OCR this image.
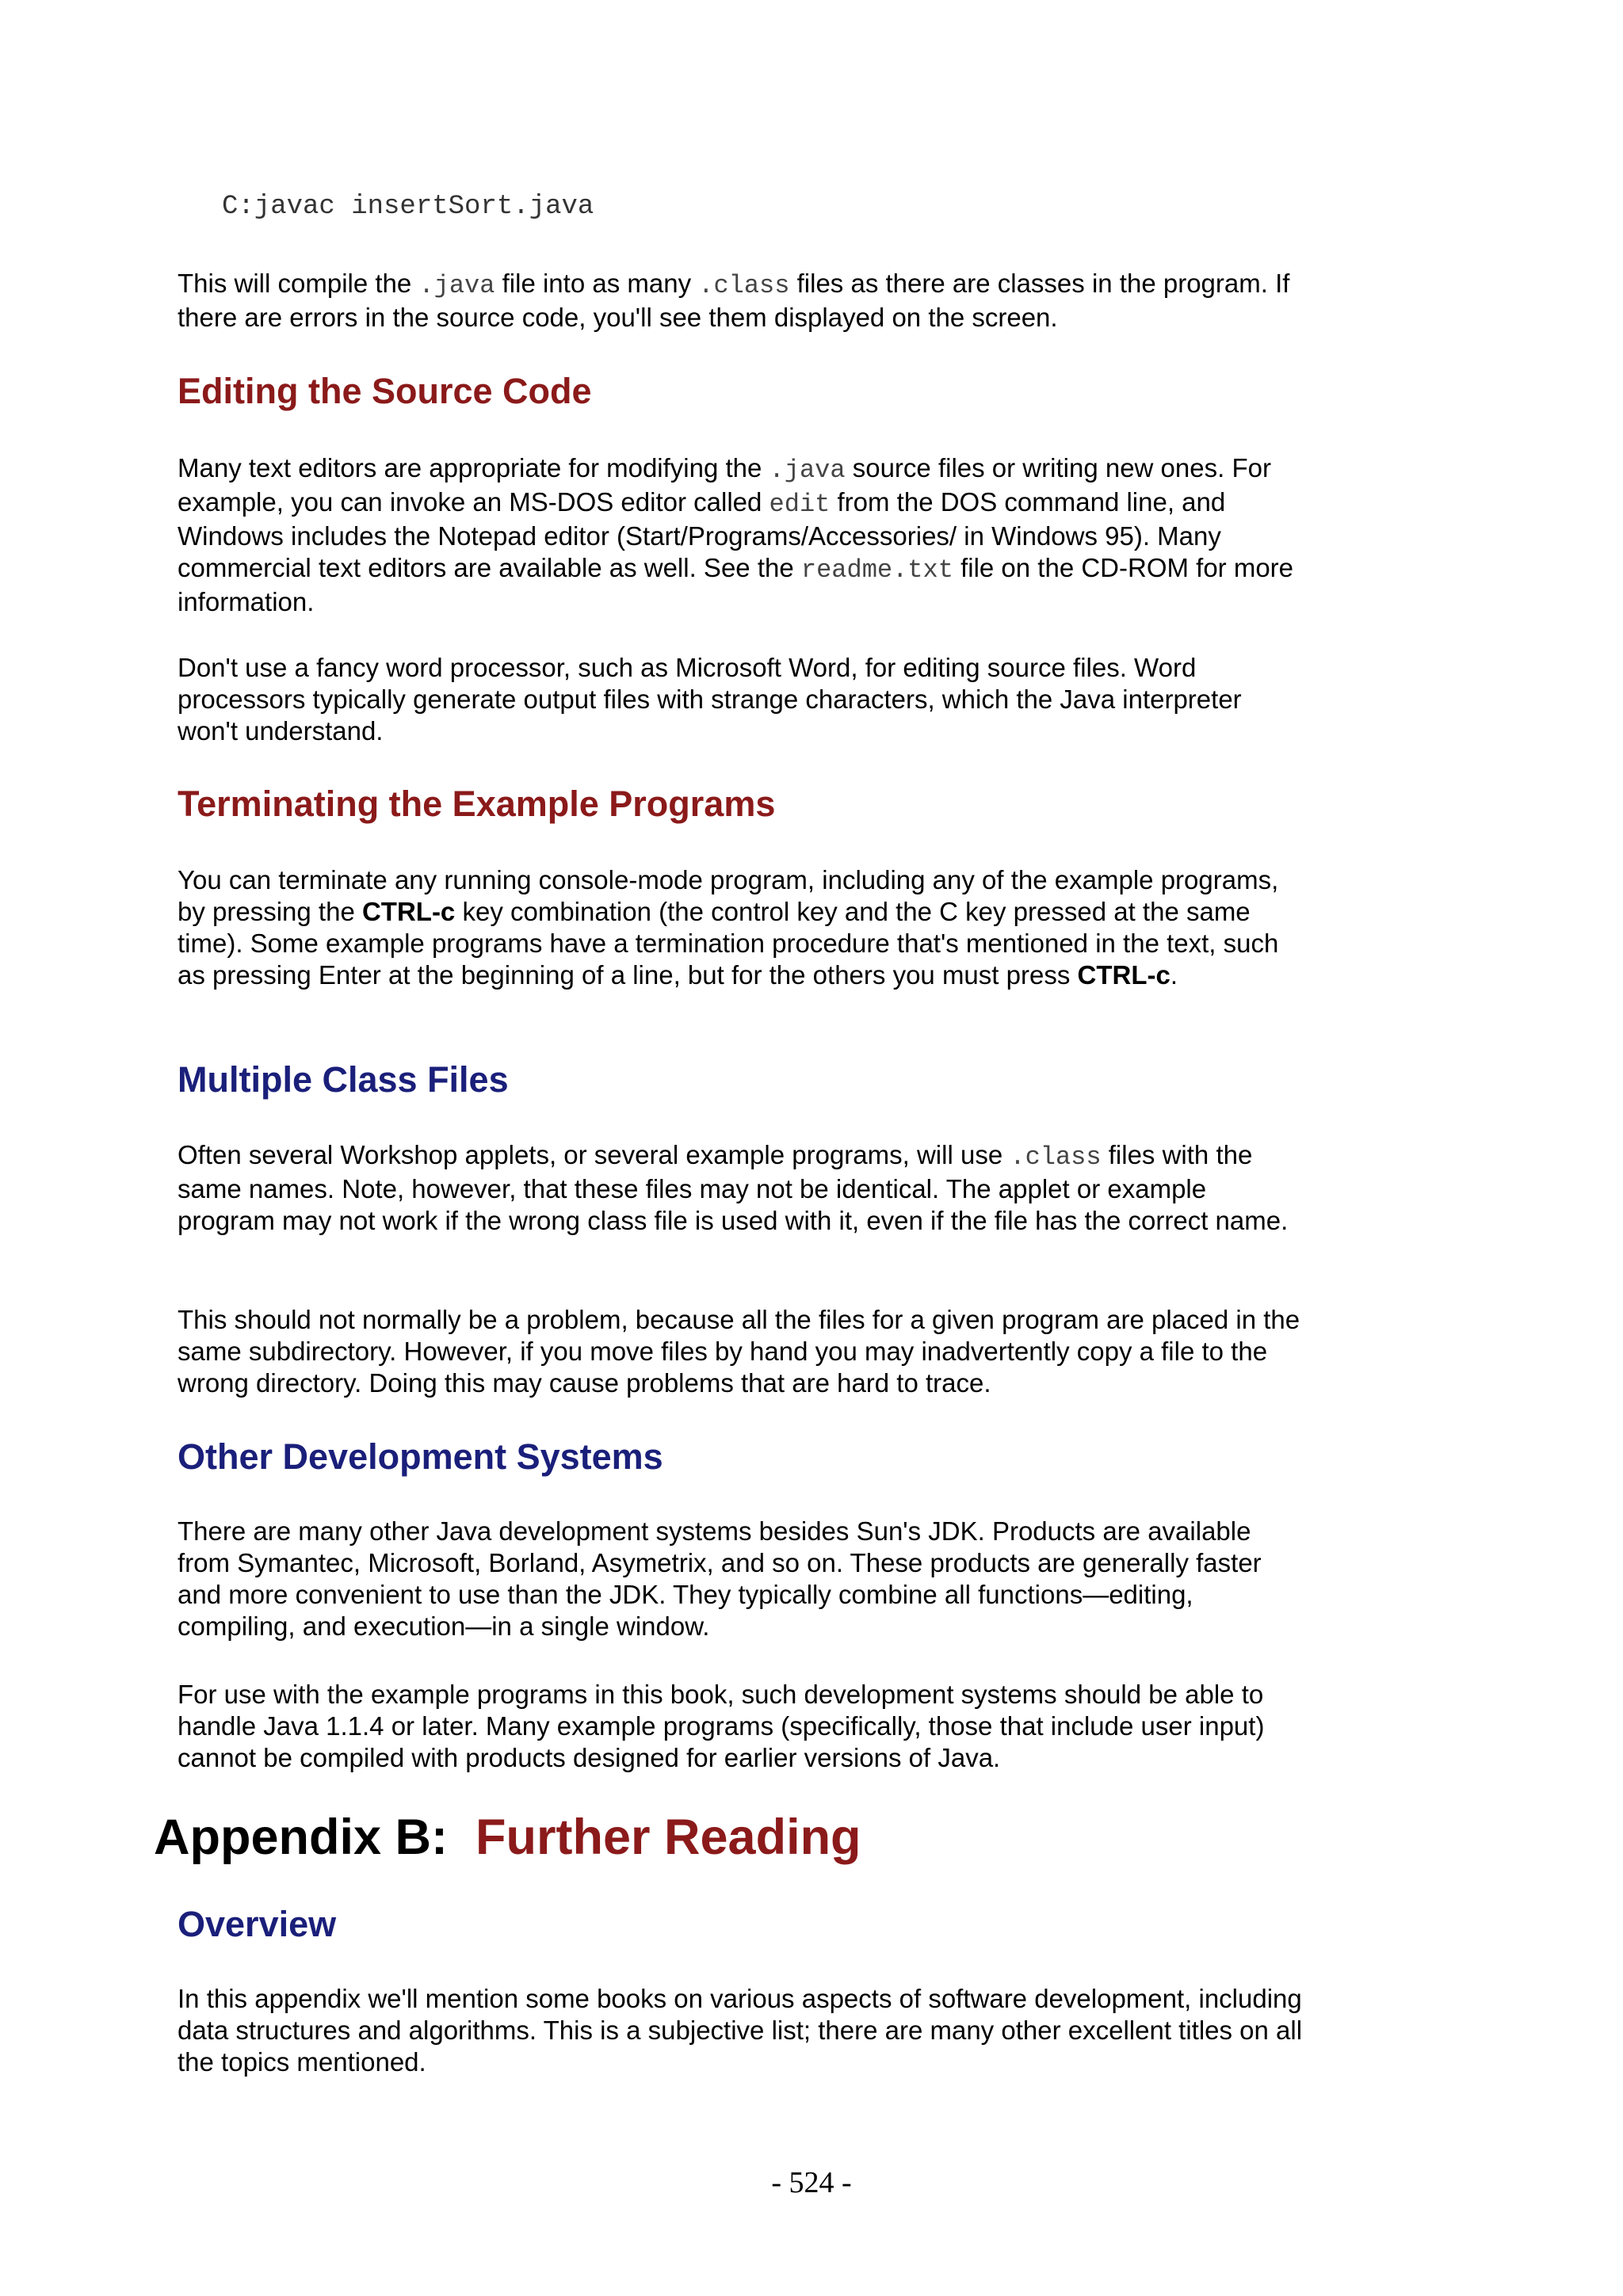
C:javac insertSort.java

This will compile the .java file into as many .class files as there are classes in the program. If there are errors in the source code, you'll see them displayed on the screen.

Editing the Source Code

Many text editors are appropriate for modifying the .java source files or writing new ones. For example, you can invoke an MS-DOS editor called edit from the DOS command line, and Windows includes the Notepad editor (Start/Programs/Accessories/ in Windows 95). Many commercial text editors are available as well. See the readme.txt file on the CD-ROM for more information.

Don't use a fancy word processor, such as Microsoft Word, for editing source files. Word processors typically generate output files with strange characters, which the Java interpreter won't understand.

Terminating the Example Programs

You can terminate any running console-mode program, including any of the example programs, by pressing the CTRL-c key combination (the control key and the C key pressed at the same time). Some example programs have a termination procedure that's mentioned in the text, such as pressing Enter at the beginning of a line, but for the others you must press CTRL-c.

Multiple Class Files

Often several Workshop applets, or several example programs, will use .class files with the same names. Note, however, that these files may not be identical. The applet or example program may not work if the wrong class file is used with it, even if the file has the correct name.

This should not normally be a problem, because all the files for a given program are placed in the same subdirectory. However, if you move files by hand you may inadvertently copy a file to the wrong directory. Doing this may cause problems that are hard to trace.

Other Development Systems

There are many other Java development systems besides Sun's JDK. Products are available from Symantec, Microsoft, Borland, Asymetrix, and so on. These products are generally faster and more convenient to use than the JDK. They typically combine all functions—editing, compiling, and execution—in a single window.

For use with the example programs in this book, such development systems should be able to handle Java 1.1.4 or later. Many example programs (specifically, those that include user input) cannot be compiled with products designed for earlier versions of Java.

Appendix B: Further Reading
Overview

In this appendix we'll mention some books on various aspects of software development, including data structures and algorithms. This is a subjective list; there are many other excellent titles on all the topics mentioned.

- 524 -
